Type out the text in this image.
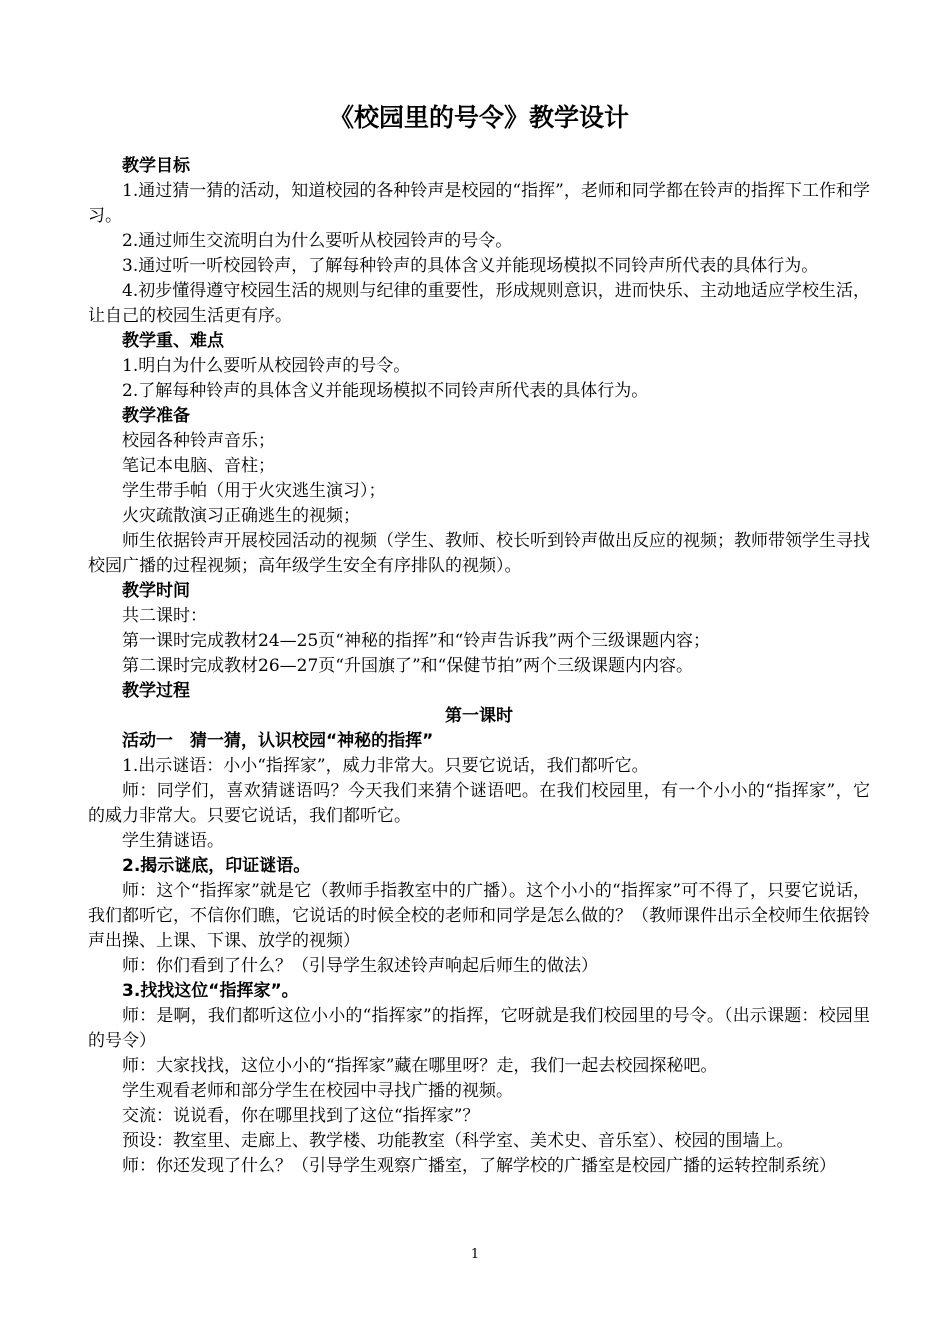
《校园里的号令》教学设计

教学目标

1.通过猜一猜的活动，知道校园的各种铃声是校园的“指挥”，老师和同学都在铃声的指挥下工作和学习。

2.通过师生交流明白为什么要听从校园铃声的号令。

3.通过听一听校园铃声，了解每种铃声的具体含义并能现场模拟不同铃声所代表的具体行为。

4.初步懂得遵守校园生活的规则与纪律的重要性，形成规则意识，进而快乐、主动地适应学校生活，让自己的校园生活更有序。

教学重、难点

1.明白为什么要听从校园铃声的号令。

2.了解每种铃声的具体含义并能现场模拟不同铃声所代表的具体行为。

教学准备

校园各种铃声音乐；

笔记本电脑、音柱；

学生带手帕（用于火灾逃生演习）；

火灾疏散演习正确逃生的视频；

师生依据铃声开展校园活动的视频（学生、教师、校长听到铃声做出反应的视频；教师带领学生寻找校园广播的过程视频；高年级学生安全有序排队的视频）。

教学时间

共二课时：

第一课时完成教材24—25页“神秘的指挥”和“铃声告诉我”两个三级课题内容；

第二课时完成教材26—27页“升国旗了”和“保健节拍”两个三级课题内内容。

教学过程

第一课时

活动一　猜一猜，认识校园“神秘的指挥”

1.出示谜语：小小“指挥家”，威力非常大。只要它说话，我们都听它。

师：同学们，喜欢猜谜语吗？今天我们来猜个谜语吧。在我们校园里，有一个小小的“指挥家”，它的威力非常大。只要它说话，我们都听它。

学生猜谜语。

2.揭示谜底，印证谜语。

师：这个“指挥家”就是它（教师手指教室中的广播）。这个小小的“指挥家”可不得了，只要它说话，我们都听它，不信你们瞧，它说话的时候全校的老师和同学是怎么做的？（教师课件出示全校师生依据铃声出操、上课、下课、放学的视频）

师：你们看到了什么？（引导学生叙述铃声响起后师生的做法）

3.找找这位“指挥家”。

师：是啊，我们都听这位小小的“指挥家”的指挥，它呀就是我们校园里的号令。（出示课题：校园里的号令）

师：大家找找，这位小小的“指挥家”藏在哪里呀？走，我们一起去校园探秘吧。

学生观看老师和部分学生在校园中寻找广播的视频。

交流：说说看，你在哪里找到了这位“指挥家”？

预设：教室里、走廊上、教学楼、功能教室（科学室、美术史、音乐室）、校园的围墙上。

师：你还发现了什么？（引导学生观察广播室，了解学校的广播室是校园广播的运转控制系统）

1
